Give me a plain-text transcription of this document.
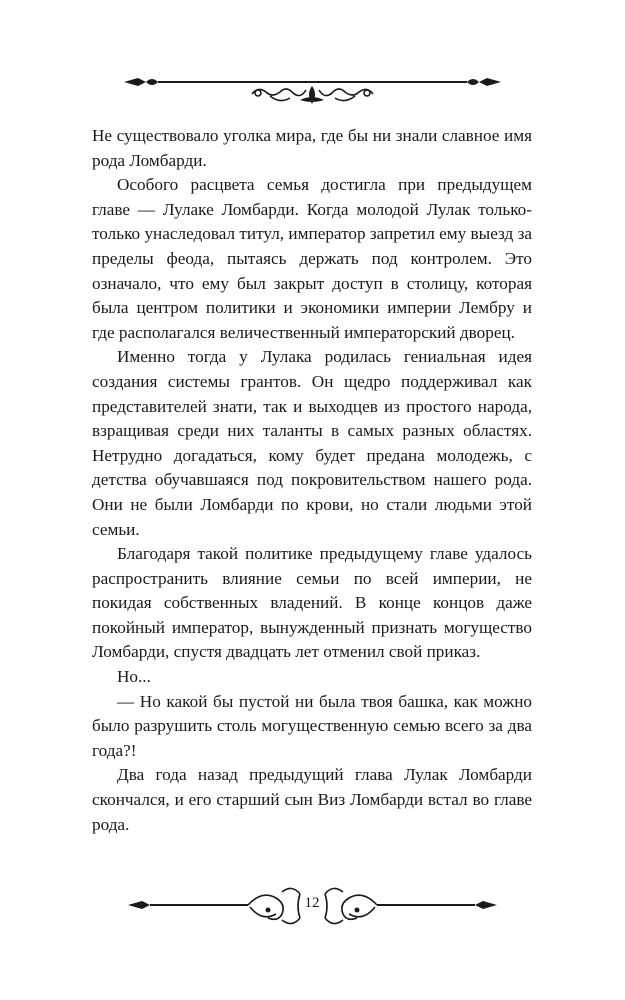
Не существовало уголка мира, где бы ни знали славное имя рода Ломбарди.

Особого расцвета семья достигла при предыдущем главе — Лулаке Ломбарди. Когда молодой Лулак только-только унаследовал титул, император запретил ему выезд за пределы феода, пытаясь держать под контролем. Это означало, что ему был закрыт доступ в столицу, которая была центром политики и экономики империи Лембру и где располагался величественный императорский дворец.

Именно тогда у Лулака родилась гениальная идея создания системы грантов. Он щедро поддерживал как представителей знати, так и выходцев из простого народа, взращивая среди них таланты в самых разных областях. Нетрудно догадаться, кому будет предана молодежь, с детства обучавшаяся под покровительством нашего рода. Они не были Ломбарди по крови, но стали людьми этой семьи.

Благодаря такой политике предыдущему главе удалось распространить влияние семьи по всей империи, не покидая собственных владений. В конце концов даже покойный император, вынужденный признать могущество Ломбарди, спустя двадцать лет отменил свой приказ.

Но...

— Но какой бы пустой ни была твоя башка, как можно было разрушить столь могущественную семью всего за два года?!

Два года назад предыдущий глава Лулак Ломбарди скончался, и его старший сын Виз Ломбарди встал во главе рода.

12
